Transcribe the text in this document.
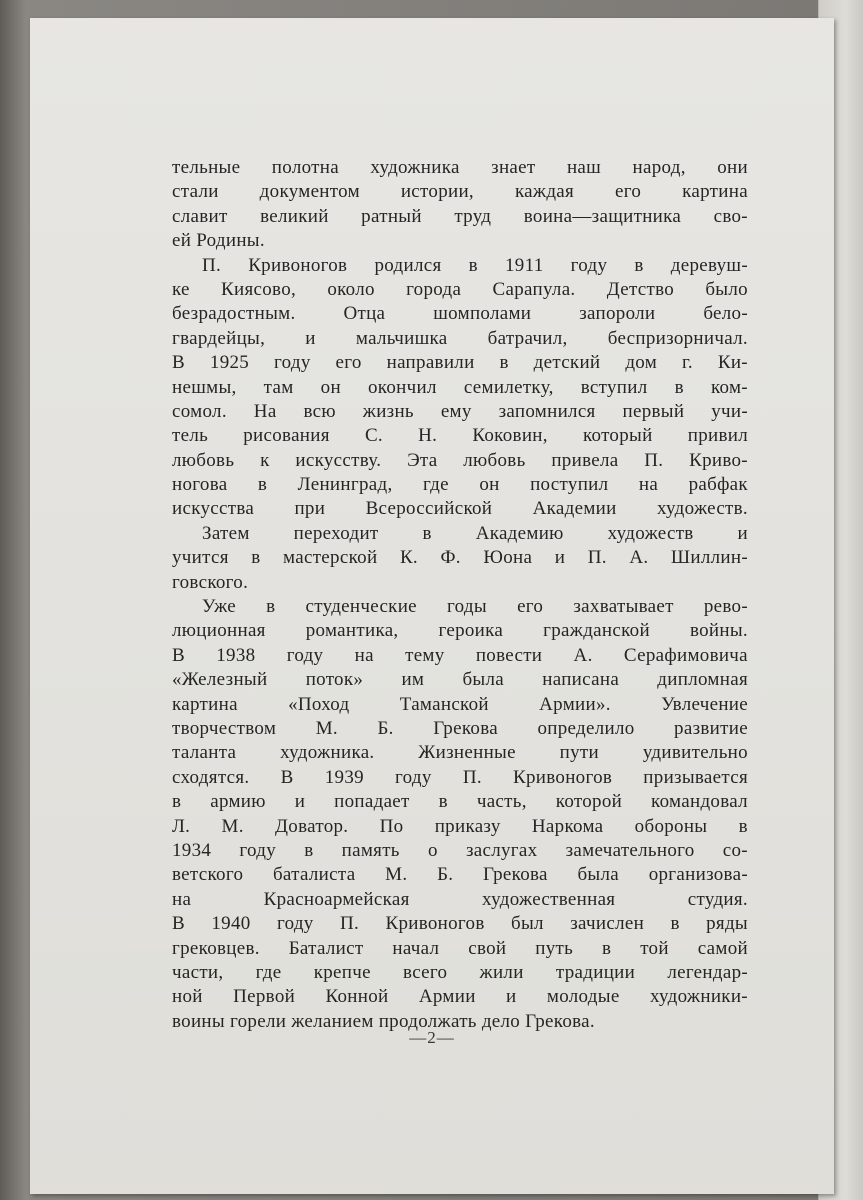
тельные полотна художника знает наш народ, они
стали документом истории, каждая его картина
славит великий ратный труд воина—защитника сво-
ей Родины.
П. Кривоногов родился в 1911 году в деревуш-
ке Киясово, около города Сарапула. Детство было
безрадостным.	Отца	шомполами	запороли	бело-
гвардейцы, и мальчишка батрачил, беспризорничал.
В 1925 году его направили в детский дом г. Ки-
нешмы, там он окончил семилетку, вступил в ком-
сомол. На всю жизнь ему запомнился первый учи-
тель рисования С. Н. Коковин, который привил
любовь к искусству. Эта любовь привела П. Криво-
ногова в Ленинград, где он поступил на рабфак
искусства при Всероссийской Академии художеств.
Затем переходит в Академию художеств и
учится в мастерской К. Ф. Юона и П. А. Шиллин-
говского.
Уже в студенческие годы его захватывает рево-
люционная романтика, героика гражданской войны.
В 1938 году на тему повести А. Серафимовича
«Железный поток» им была написана дипломная
картина	«Поход	Таманской	Армии».	Увлечение
творчеством М. Б. Грекова определило развитие
таланта художника. Жизненные пути удивительно
сходятся. В 1939 году П. Кривоногов призывается
в армию и попадает в часть, которой командовал
Л. М. Доватор. По приказу Наркома обороны в
1934 году в память о заслугах замечательного со-
ветского баталиста М. Б. Грекова была организова-
на	Красноармейская	художественная	студия.
В 1940 году П. Кривоногов был зачислен в ряды
грековцев. Баталист начал свой путь в той самой
части, где крепче всего жили традиции легендар-
ной Первой Конной Армии и молодые художники-
воины горели желанием продолжать дело Грекова.
—2—
